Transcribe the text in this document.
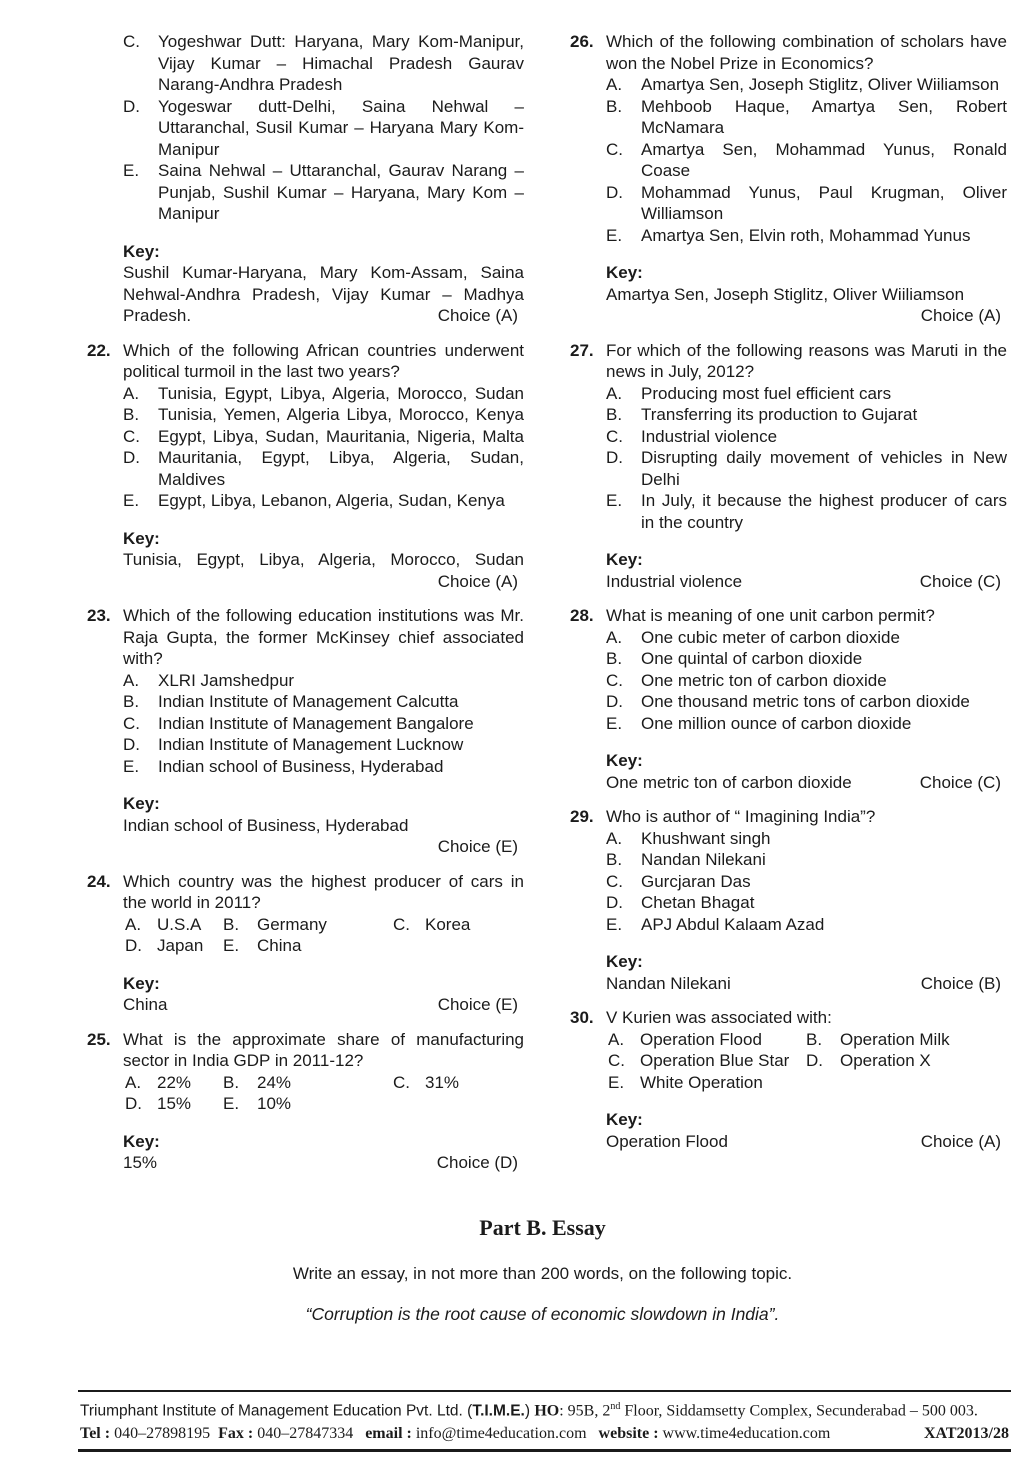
C.	Yogeshwar Dutt: Haryana, Mary Kom-Manipur, Vijay Kumar – Himachal Pradesh Gaurav Narang-Andhra Pradesh
D.	Yogeswar dutt-Delhi, Saina Nehwal – Uttaranchal, Susil Kumar – Haryana Mary Kom-Manipur
E.	Saina Nehwal – Uttaranchal, Gaurav Narang – Punjab, Sushil Kumar – Haryana, Mary Kom – Manipur
Key:
Sushil Kumar-Haryana, Mary Kom-Assam, Saina Nehwal-Andhra Pradesh, Vijay Kumar – Madhya Pradesh.	Choice (A)
22. Which of the following African countries underwent political turmoil in the last two years?
A.	Tunisia, Egypt, Libya, Algeria, Morocco, Sudan
B.	Tunisia, Yemen, Algeria Libya, Morocco, Kenya
C.	Egypt, Libya, Sudan, Mauritania, Nigeria, Malta
D.	Mauritania, Egypt, Libya, Algeria, Sudan, Maldives
E.	Egypt, Libya, Lebanon, Algeria, Sudan, Kenya
Key:
Tunisia, Egypt, Libya, Algeria, Morocco, Sudan
Choice (A)
23. Which of the following education institutions was Mr. Raja Gupta, the former McKinsey chief associated with?
A.	XLRI Jamshedpur
B.	Indian Institute of Management Calcutta
C.	Indian Institute of Management Bangalore
D.	Indian Institute of Management Lucknow
E.	Indian school of Business, Hyderabad
Key:
Indian school of Business, Hyderabad
Choice (E)
24. Which country was the highest producer of cars in the world in 2011?
A. U.S.A B. Germany	C. Korea
D. Japan E. China
Key:
China	Choice (E)
25. What is the approximate share of manufacturing sector in India GDP in 2011-12?
A. 22% B. 24%	C. 31%
D. 15% E. 10%
Key:
15%	Choice (D)
26. Which of the following combination of scholars have won the Nobel Prize in Economics?
A.	Amartya Sen, Joseph Stiglitz, Oliver Wiiliamson
B.	Mehboob Haque, Amartya Sen, Robert McNamara
C.	Amartya Sen, Mohammad Yunus, Ronald Coase
D.	Mohammad Yunus, Paul Krugman, Oliver Williamson
E.	Amartya Sen, Elvin roth, Mohammad Yunus
Key:
Amartya Sen, Joseph Stiglitz, Oliver Wiiliamson
Choice (A)
27. For which of the following reasons was Maruti in the news in July, 2012?
A.	Producing most fuel efficient cars
B.	Transferring its production to Gujarat
C.	Industrial violence
D.	Disrupting daily movement of vehicles in New Delhi
E.	In July, it because the highest producer of cars in the country
Key:
Industrial violence	Choice (C)
28. What is meaning of one unit carbon permit?
A.	One cubic meter of carbon dioxide
B.	One quintal of carbon dioxide
C.	One metric ton of carbon dioxide
D.	One thousand metric tons of carbon dioxide
E.	One million ounce of carbon dioxide
Key:
One metric ton of carbon dioxide	Choice (C)
29. Who is author of “ Imagining India”?
A.	Khushwant singh
B.	Nandan Nilekani
C.	Gurcjaran Das
D.	Chetan Bhagat
E.	APJ Abdul Kalaam Azad
Key:
Nandan Nilekani	Choice (B)
30. V Kurien was associated with:
A. Operation Flood	B. Operation Milk
C. Operation Blue Star D. Operation X
E. White Operation
Key:
Operation Flood	Choice (A)
Part B. Essay
Write an essay, in not more than 200 words, on the following topic.
“Corruption is the root cause of economic slowdown in India”.
Triumphant Institute of Management Education Pvt. Ltd. (T.I.M.E.) HO: 95B, 2nd Floor, Siddamsetty Complex, Secunderabad – 500 003.
Tel : 040–27898195  Fax : 040–27847334   email : info@time4education.com   website : www.time4education.com	XAT2013/28
